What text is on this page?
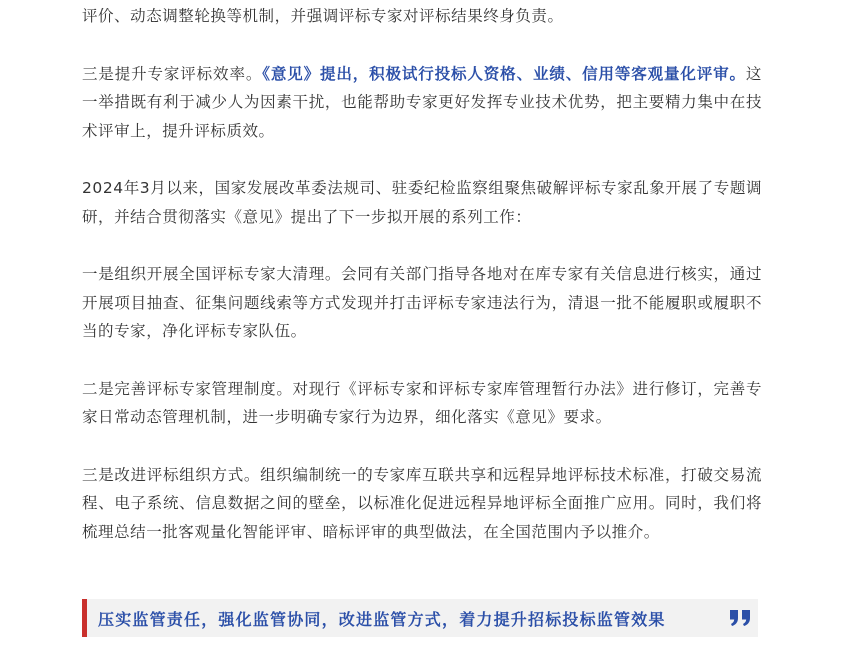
评价、动态调整轮换等机制，并强调评标专家对评标结果终身负责。

三是提升专家评标效率。《意见》提出，积极试行投标人资格、业绩、信用等客观量化评审。这一举措既有利于减少人为因素干扰，也能帮助专家更好发挥专业技术优势，把主要精力集中在技术评审上，提升评标质效。

2024年3月以来，国家发展改革委法规司、驻委纪检监察组聚焦破解评标专家乱象开展了专题调研，并结合贯彻落实《意见》提出了下一步拟开展的系列工作：

一是组织开展全国评标专家大清理。会同有关部门指导各地对在库专家有关信息进行核实，通过开展项目抽查、征集问题线索等方式发现并打击评标专家违法行为，清退一批不能履职或履职不当的专家，净化评标专家队伍。

二是完善评标专家管理制度。对现行《评标专家和评标专家库管理暂行办法》进行修订，完善专家日常动态管理机制，进一步明确专家行为边界，细化落实《意见》要求。

三是改进评标组织方式。组织编制统一的专家库互联共享和远程异地评标技术标准，打破交易流程、电子系统、信息数据之间的壁垒，以标准化促进远程异地评标全面推广应用。同时，我们将梳理总结一批客观量化智能评审、暗标评审的典型做法，在全国范围内予以推介。

压实监管责任，强化监管协同，改进监管方式，着力提升招标投标监管效果
